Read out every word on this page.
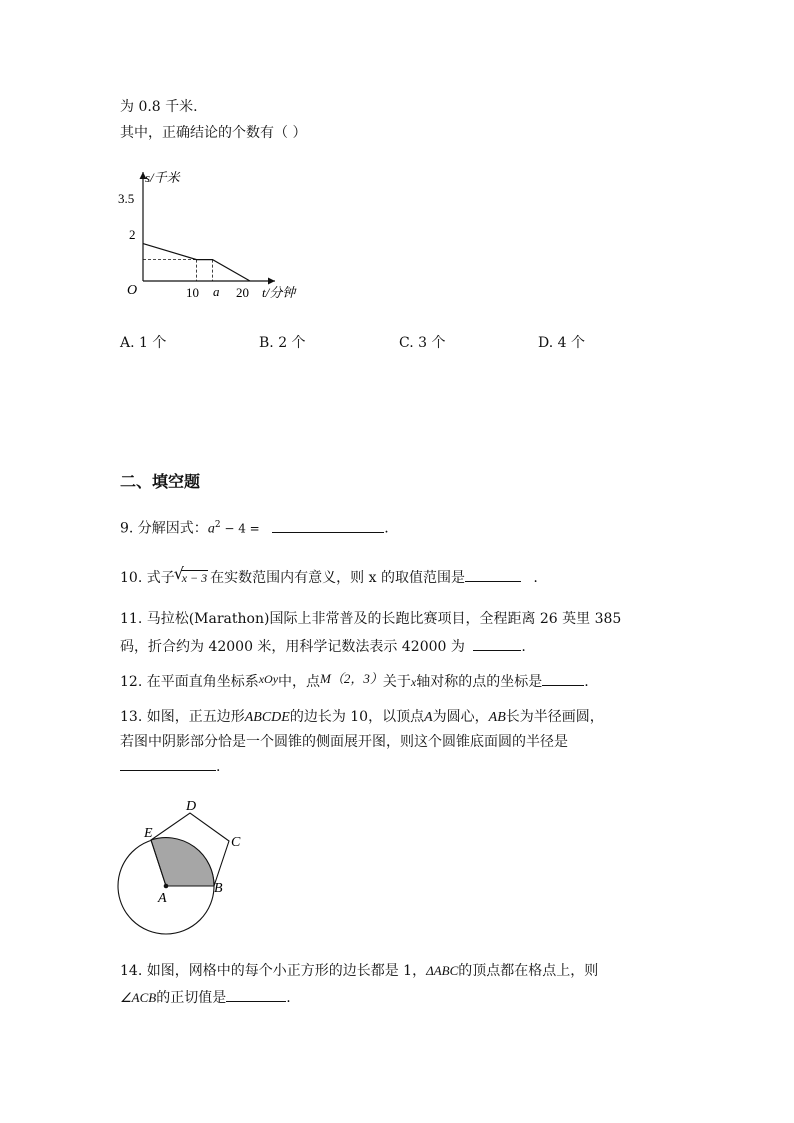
为 0.8 千米.
其中，正确结论的个数有（ ）
s/千米
t/分钟
O
3.5
2
10 a 20
A. 1 个	B. 2 个	C. 3 个	D. 4 个
二、填空题
9. 分解因式：$a^2 - 4$ =	.
10. 式子 √
x − 3 在实数范围内有意义，则 x 的取值范围是	.
11. 马拉松(Marathon)国际上非常普及的长跑比赛项目，全程距离 26 英里 385
码，折合约为 42000 米，用科学记数法表示 42000 为	.
12. 在平面直角坐标系xOy中，点M（2，3）关于x轴对称的点的坐标是	.
13. 如图，正五边形ABCDE的边长为 10，以顶点A为圆心，AB长为半径画圆，
若图中阴影部分恰是一个圆锥的侧面展开图，则这个圆锥底面圆的半径是
.
D
E
C
A
B
14. 如图，网格中的每个小正方形的边长都是 1，ΔABC的顶点都在格点上，则
∠ACB的正切值是	.
